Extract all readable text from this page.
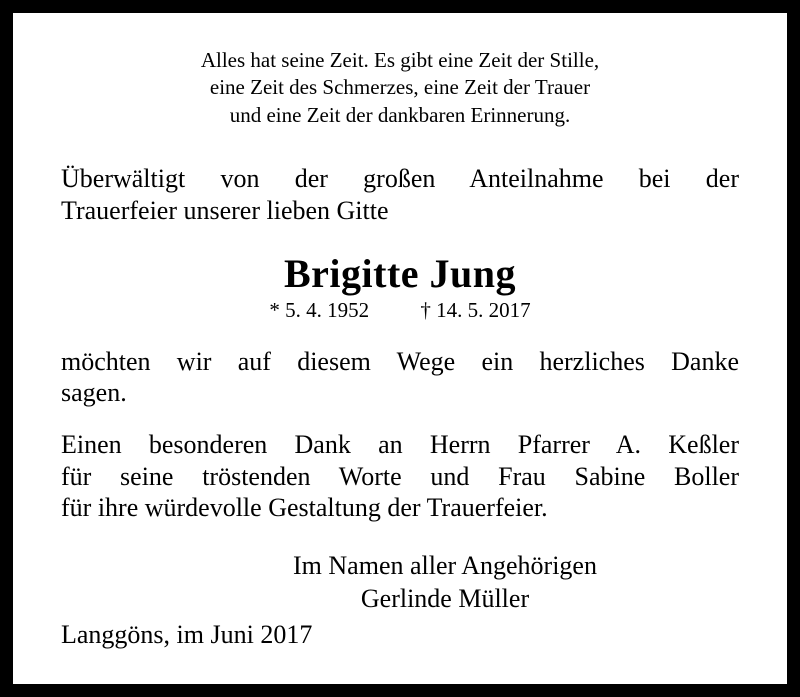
Alles hat seine Zeit. Es gibt eine Zeit der Stille,
eine Zeit des Schmerzes, eine Zeit der Trauer
und eine Zeit der dankbaren Erinnerung.
Überwältigt von der großen Anteilnahme bei der
Trauerfeier unserer lieben Gitte
Brigitte Jung
* 5. 4. 1952 † 14. 5. 2017
möchten wir auf diesem Wege ein herzliches Danke
sagen.
Einen besonderen Dank an Herrn Pfarrer A. Keßler
für seine tröstenden Worte und Frau Sabine Boller
für ihre würdevolle Gestaltung der Trauerfeier.
Im Namen aller Angehörigen
Gerlinde Müller
Langgöns, im Juni 2017
